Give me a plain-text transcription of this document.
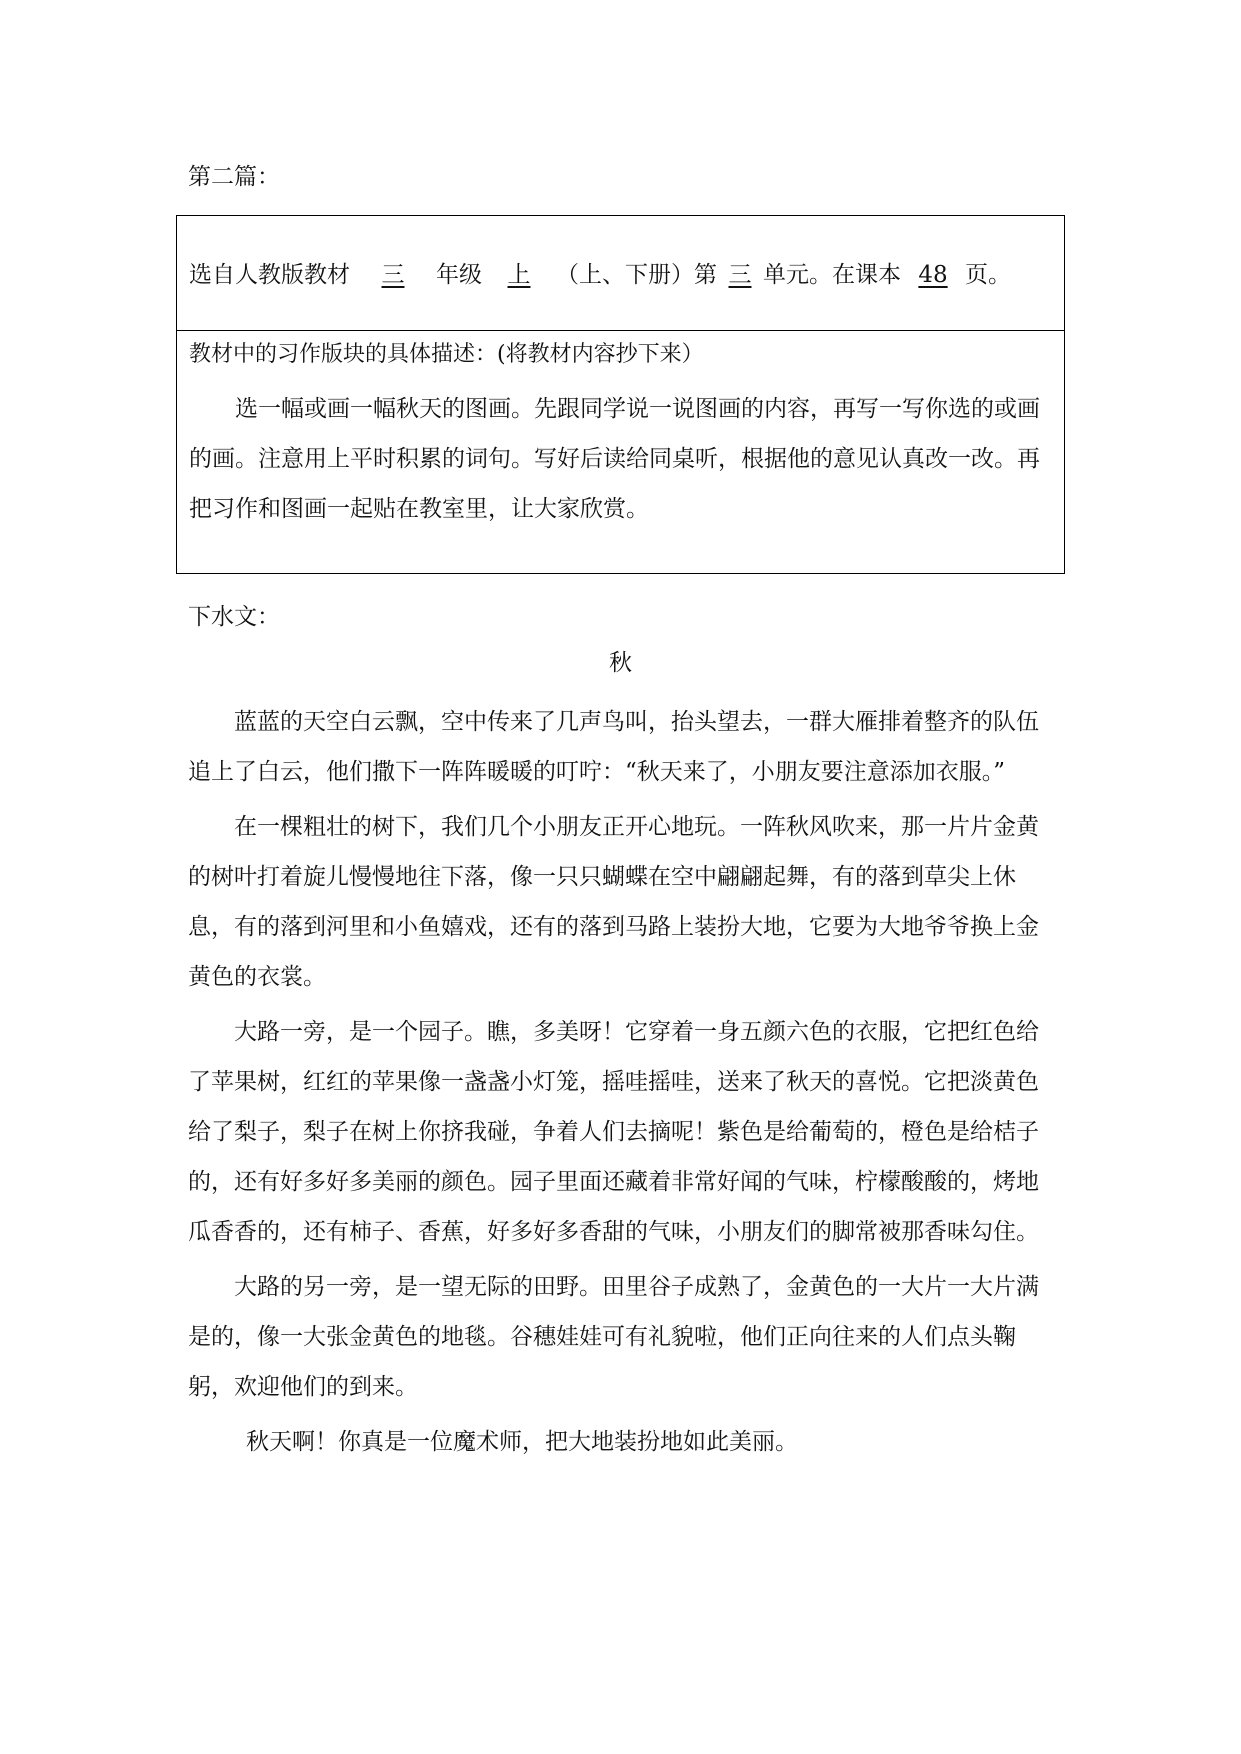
第二篇：
选自人教版教材 三 年级 上 （上、下册）第 三 单元。在课本 48 页。
教材中的习作版块的具体描述：(将教材内容抄下来）
选一幅或画一幅秋天的图画。先跟同学说一说图画的内容，再写一写你选的或画的画。注意用上平时积累的词句。写好后读给同桌听，根据他的意见认真改一改。再把习作和图画一起贴在教室里，让大家欣赏。
下水文：
秋

蓝蓝的天空白云飘，空中传来了几声鸟叫，抬头望去，一群大雁排着整齐的队伍追上了白云，他们撒下一阵阵暖暖的叮咛：“秋天来了，小朋友要注意添加衣服。”

在一棵粗壮的树下，我们几个小朋友正开心地玩。一阵秋风吹来，那一片片金黄的树叶打着旋儿慢慢地往下落，像一只只蝴蝶在空中翩翩起舞，有的落到草尖上休息，有的落到河里和小鱼嬉戏，还有的落到马路上装扮大地，它要为大地爷爷换上金黄色的衣裳。

大路一旁，是一个园子。瞧，多美呀！它穿着一身五颜六色的衣服，它把红色给了苹果树，红红的苹果像一盏盏小灯笼，摇哇摇哇，送来了秋天的喜悦。它把淡黄色给了梨子，梨子在树上你挤我碰，争着人们去摘呢！紫色是给葡萄的，橙色是给桔子的，还有好多好多美丽的颜色。园子里面还藏着非常好闻的气味，柠檬酸酸的，烤地瓜香香的，还有柿子、香蕉，好多好多香甜的气味，小朋友们的脚常被那香味勾住。

大路的另一旁，是一望无际的田野。田里谷子成熟了，金黄色的一大片一大片满是的，像一大张金黄色的地毯。谷穗娃娃可有礼貌啦，他们正向往来的人们点头鞠躬，欢迎他们的到来。

秋天啊！你真是一位魔术师，把大地装扮地如此美丽。
